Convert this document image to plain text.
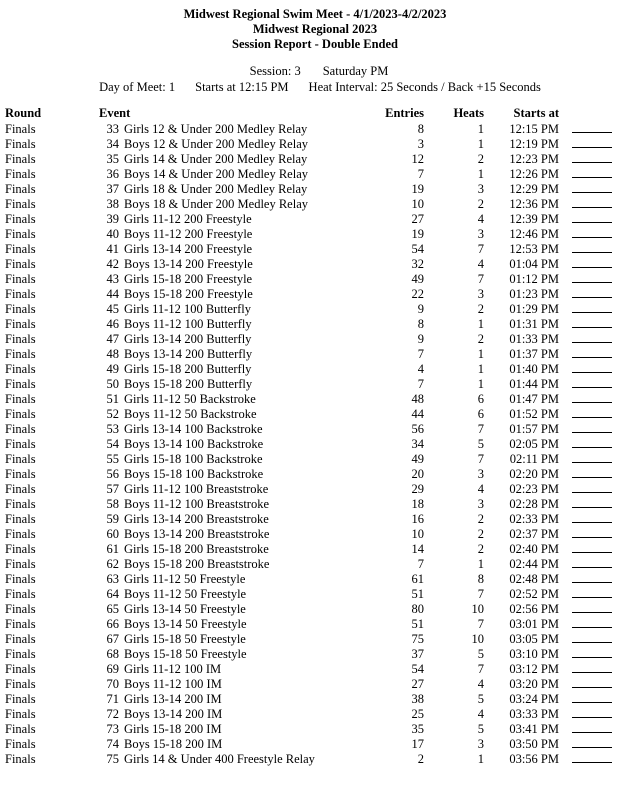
Midwest Regional Swim Meet - 4/1/2023-4/2/2023
Midwest Regional 2023
Session Report - Double Ended
Session: 3 Saturday PM
Day of Meet: 1 Starts at 12:15 PM Heat Interval: 25 Seconds / Back +15 Seconds
Round	Event		Entries	Heats	Starts at	
Finals	33	Girls 12 & Under 200 Medley Relay	8	1	12:15 PM	
Finals	34	Boys 12 & Under 200 Medley Relay	3	1	12:19 PM	
Finals	35	Girls 14 & Under 200 Medley Relay	12	2	12:23 PM	
Finals	36	Boys 14 & Under 200 Medley Relay	7	1	12:26 PM	
Finals	37	Girls 18 & Under 200 Medley Relay	19	3	12:29 PM	
Finals	38	Boys 18 & Under 200 Medley Relay	10	2	12:36 PM	
Finals	39	Girls 11-12 200 Freestyle	27	4	12:39 PM	
Finals	40	Boys 11-12 200 Freestyle	19	3	12:46 PM	
Finals	41	Girls 13-14 200 Freestyle	54	7	12:53 PM	
Finals	42	Boys 13-14 200 Freestyle	32	4	01:04 PM	
Finals	43	Girls 15-18 200 Freestyle	49	7	01:12 PM	
Finals	44	Boys 15-18 200 Freestyle	22	3	01:23 PM	
Finals	45	Girls 11-12 100 Butterfly	9	2	01:29 PM	
Finals	46	Boys 11-12 100 Butterfly	8	1	01:31 PM	
Finals	47	Girls 13-14 200 Butterfly	9	2	01:33 PM	
Finals	48	Boys 13-14 200 Butterfly	7	1	01:37 PM	
Finals	49	Girls 15-18 200 Butterfly	4	1	01:40 PM	
Finals	50	Boys 15-18 200 Butterfly	7	1	01:44 PM	
Finals	51	Girls 11-12 50 Backstroke	48	6	01:47 PM	
Finals	52	Boys 11-12 50 Backstroke	44	6	01:52 PM	
Finals	53	Girls 13-14 100 Backstroke	56	7	01:57 PM	
Finals	54	Boys 13-14 100 Backstroke	34	5	02:05 PM	
Finals	55	Girls 15-18 100 Backstroke	49	7	02:11 PM	
Finals	56	Boys 15-18 100 Backstroke	20	3	02:20 PM	
Finals	57	Girls 11-12 100 Breaststroke	29	4	02:23 PM	
Finals	58	Boys 11-12 100 Breaststroke	18	3	02:28 PM	
Finals	59	Girls 13-14 200 Breaststroke	16	2	02:33 PM	
Finals	60	Boys 13-14 200 Breaststroke	10	2	02:37 PM	
Finals	61	Girls 15-18 200 Breaststroke	14	2	02:40 PM	
Finals	62	Boys 15-18 200 Breaststroke	7	1	02:44 PM	
Finals	63	Girls 11-12 50 Freestyle	61	8	02:48 PM	
Finals	64	Boys 11-12 50 Freestyle	51	7	02:52 PM	
Finals	65	Girls 13-14 50 Freestyle	80	10	02:56 PM	
Finals	66	Boys 13-14 50 Freestyle	51	7	03:01 PM	
Finals	67	Girls 15-18 50 Freestyle	75	10	03:05 PM	
Finals	68	Boys 15-18 50 Freestyle	37	5	03:10 PM	
Finals	69	Girls 11-12 100 IM	54	7	03:12 PM	
Finals	70	Boys 11-12 100 IM	27	4	03:20 PM	
Finals	71	Girls 13-14 200 IM	38	5	03:24 PM	
Finals	72	Boys 13-14 200 IM	25	4	03:33 PM	
Finals	73	Girls 15-18 200 IM	35	5	03:41 PM	
Finals	74	Boys 15-18 200 IM	17	3	03:50 PM	
Finals	75	Girls 14 & Under 400 Freestyle Relay	2	1	03:56 PM	
